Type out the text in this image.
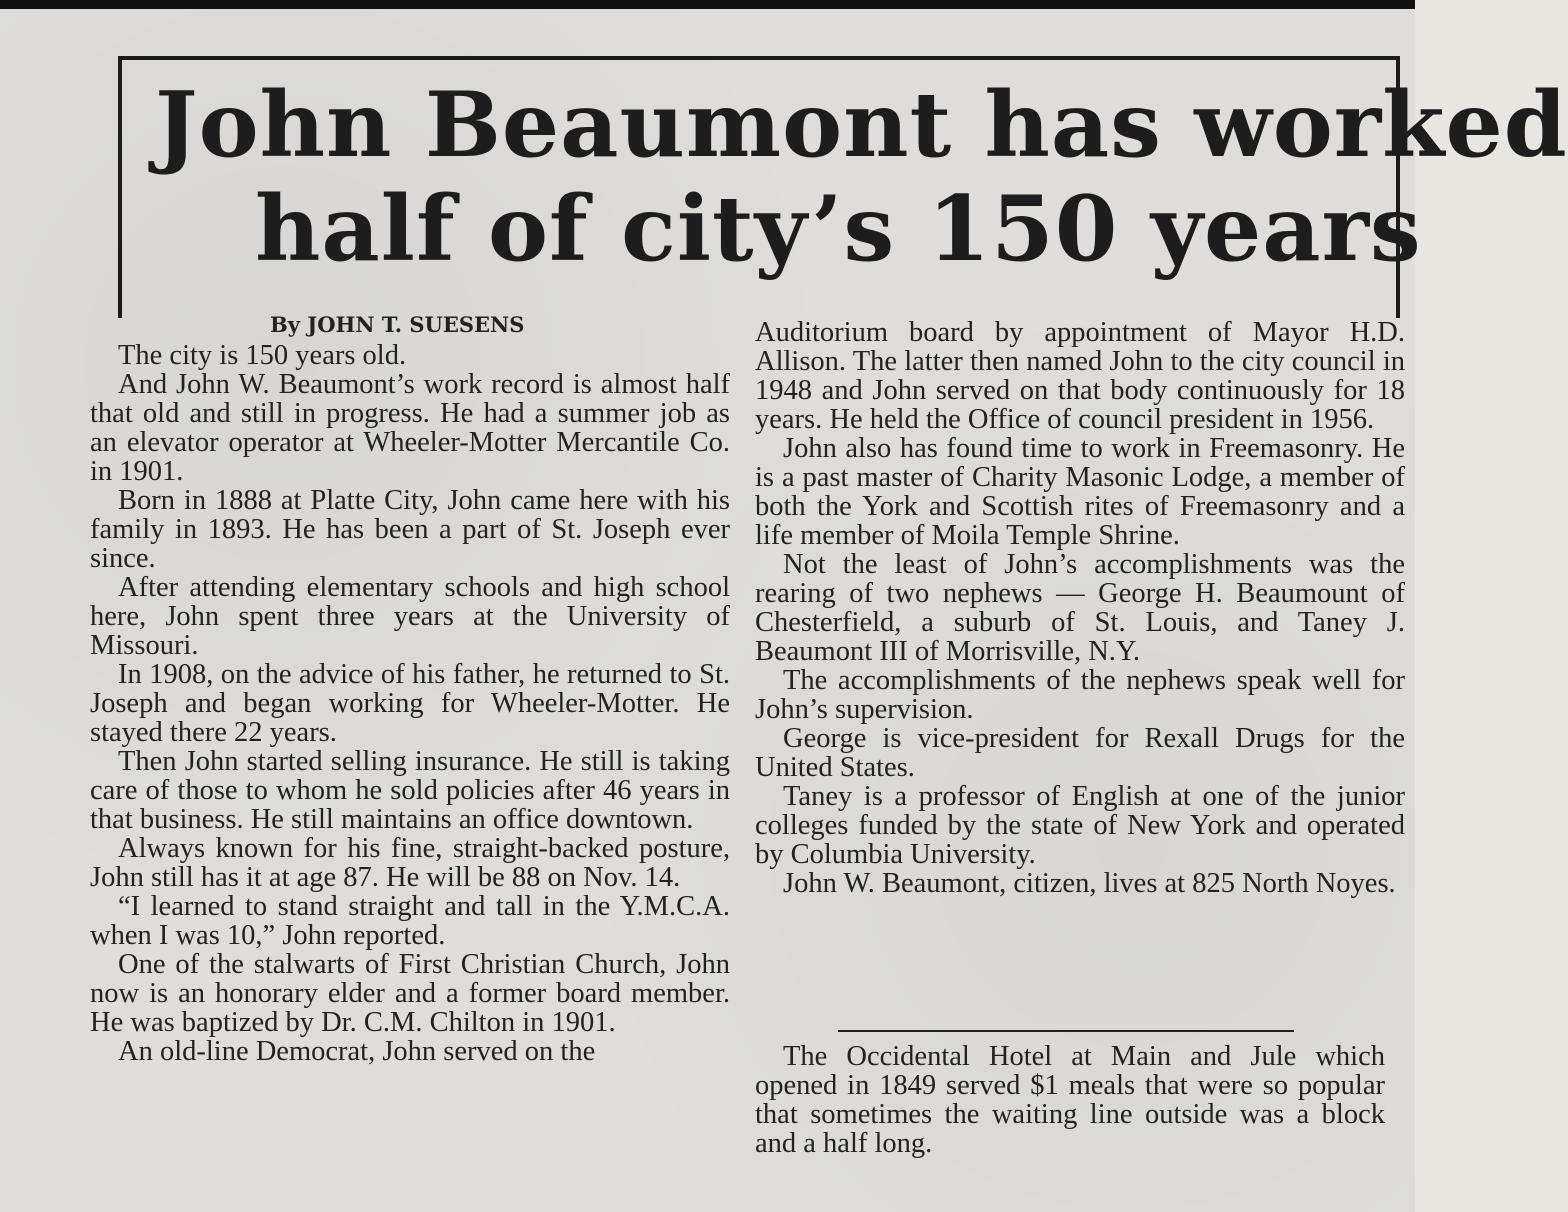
John Beaumont has worked
half of city’s 150 years

By JOHN T. SUESENS

The city is 150 years old.

And John W. Beaumont’s work record is almost half that old and still in progress. He had a summer job as an elevator operator at Wheeler-Motter Mercantile Co. in 1901.

Born in 1888 at Platte City, John came here with his family in 1893. He has been a part of St. Joseph ever since.

After attending elementary schools and high school here, John spent three years at the University of Missouri.

In 1908, on the advice of his father, he returned to St. Joseph and began working for Wheeler-Motter. He stayed there 22 years.

Then John started selling insurance. He still is taking care of those to whom he sold policies after 46 years in that business. He still maintains an office downtown.

Always known for his fine, straight-backed posture, John still has it at age 87. He will be 88 on Nov. 14.

“I learned to stand straight and tall in the Y.M.C.A. when I was 10,” John reported.

One of the stalwarts of First Christian Church, John now is an honorary elder and a former board member. He was baptized by Dr. C.M. Chilton in 1901.

An old-line Democrat, John served on the

Auditorium board by appointment of Mayor H.D. Allison. The latter then named John to the city council in 1948 and John served on that body continuously for 18 years. He held the Office of council president in 1956.

John also has found time to work in Freemasonry. He is a past master of Charity Masonic Lodge, a member of both the York and Scottish rites of Freemasonry and a life member of Moila Temple Shrine.

Not the least of John’s accomplishments was the rearing of two nephews — George H. Beaumount of Chesterfield, a suburb of St. Louis, and Taney J. Beaumont III of Morrisville, N.Y.

The accomplishments of the nephews speak well for John’s supervision.

George is vice-president for Rexall Drugs for the United States.

Taney is a professor of English at one of the junior colleges funded by the state of New York and operated by Columbia University.

John W. Beaumont, citizen, lives at 825 North Noyes.

The Occidental Hotel at Main and Jule which opened in 1849 served $1 meals that were so popular that sometimes the waiting line outside was a block and a half long.
